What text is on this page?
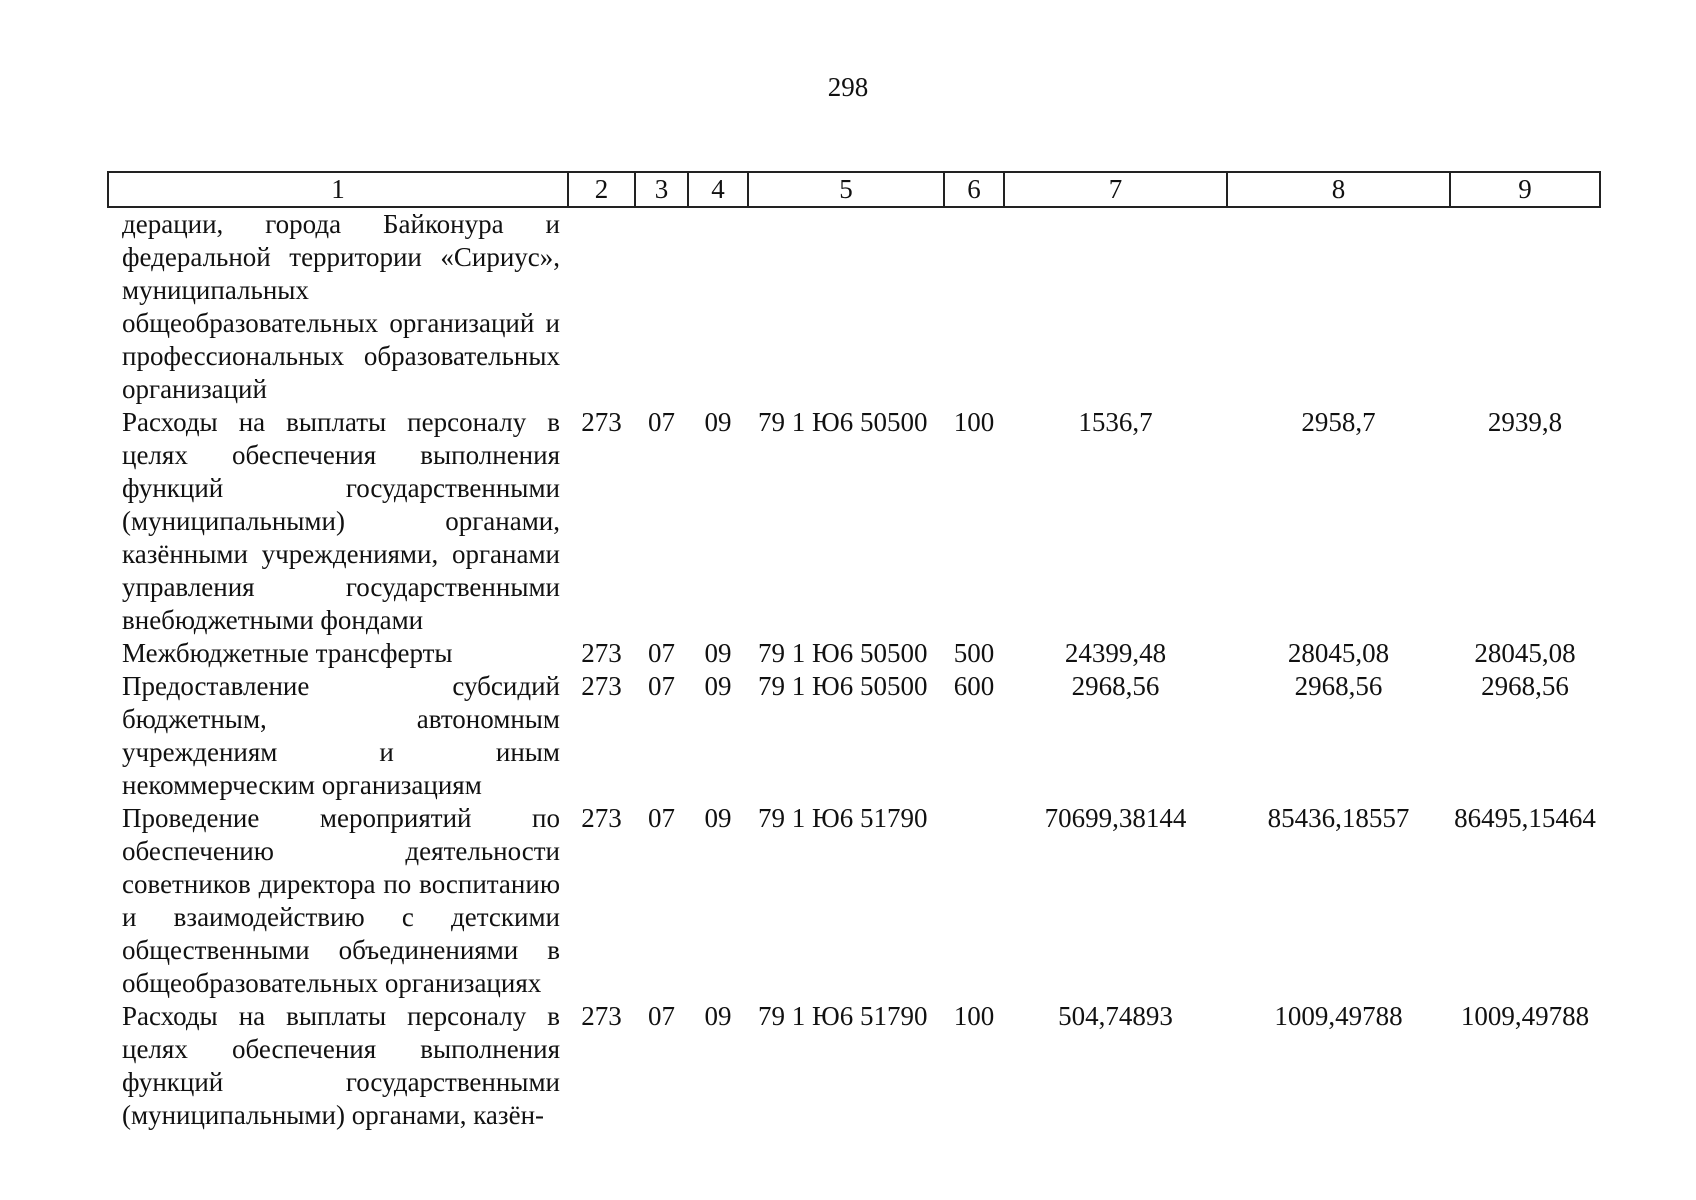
298
1	2	3	4	5	6	7	8	9
дерации, города Байконура и федеральной территории «Сириус», муниципальных общеобразовательных организаций и профессиональных образовательных организаций								
Расходы на выплаты персоналу в целях обеспечения выполнения функций государственными (муниципальными) органами, казёнными учреждениями, органами управления государственными внебюджетными фондами	273	07	09	79 1 Ю6 50500	100	1536,7	2958,7	2939,8
Межбюджетные трансферты	273	07	09	79 1 Ю6 50500	500	24399,48	28045,08	28045,08
Предоставление субсидий бюджетным, автономным учреждениям и иным некоммерческим организациям	273	07	09	79 1 Ю6 50500	600	2968,56	2968,56	2968,56
Проведение мероприятий по обеспечению деятельности советников директора по воспитанию и взаимодействию с детскими общественными объединениями в общеобразовательных организациях	273	07	09	79 1 Ю6 51790		70699,38144	85436,18557	86495,15464
Расходы на выплаты персоналу в целях обеспечения выполнения функций государственными (муниципальными) органами, казён-	273	07	09	79 1 Ю6 51790	100	504,74893	1009,49788	1009,49788
